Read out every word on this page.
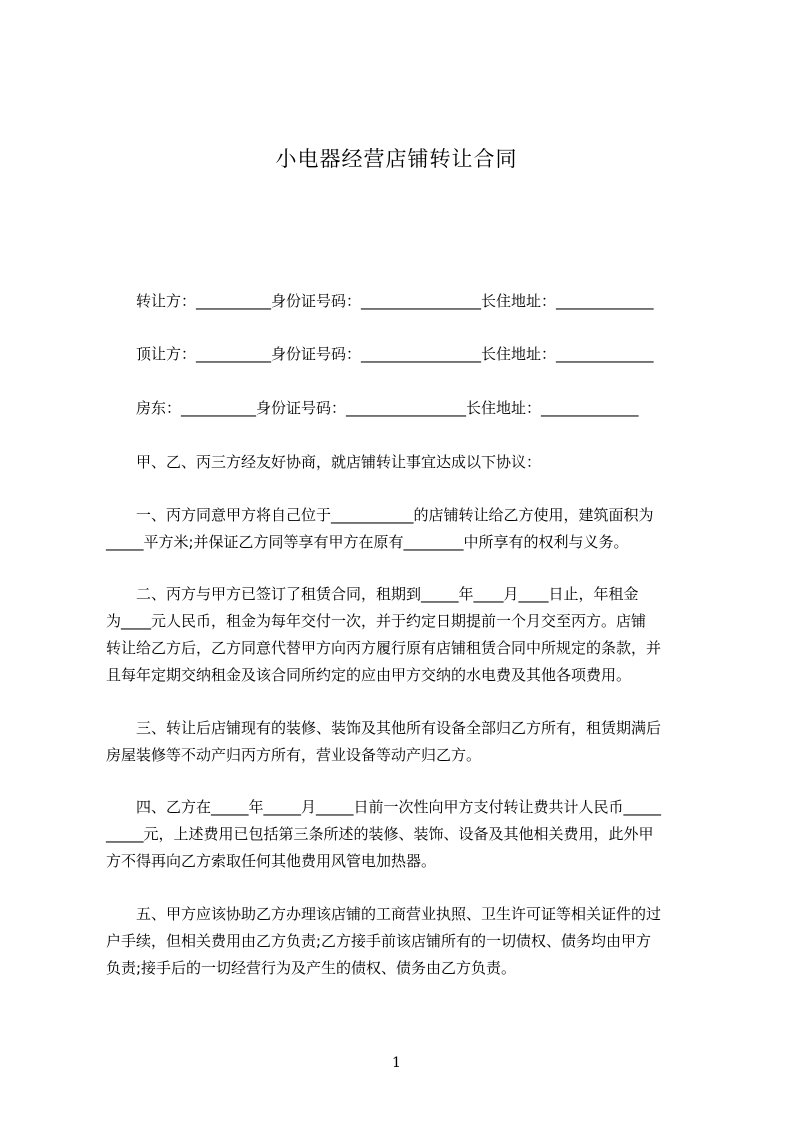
小电器经营店铺转让合同
转让方：__________身份证号码：________________长住地址：_____________
顶让方：__________身份证号码：________________长住地址：_____________
房东：__________身份证号码：________________长住地址：_____________
甲、乙、丙三方经友好协商，就店铺转让事宜达成以下协议：
一、丙方同意甲方将自己位于___________的店铺转让给乙方使用，建筑面积为
_____平方米;并保证乙方同等享有甲方在原有________中所享有的权利与义务。
二、丙方与甲方已签订了租赁合同，租期到_____年____月____日止，年租金
为____元人民币，租金为每年交付一次，并于约定日期提前一个月交至丙方。店铺
转让给乙方后，乙方同意代替甲方向丙方履行原有店铺租赁合同中所规定的条款，并
且每年定期交纳租金及该合同所约定的应由甲方交纳的水电费及其他各项费用。
三、转让后店铺现有的装修、装饰及其他所有设备全部归乙方所有，租赁期满后
房屋装修等不动产归丙方所有，营业设备等动产归乙方。
四、乙方在_____年_____月_____日前一次性向甲方支付转让费共计人民币_____
_____元，上述费用已包括第三条所述的装修、装饰、设备及其他相关费用，此外甲
方不得再向乙方索取任何其他费用风管电加热器。
五、甲方应该协助乙方办理该店铺的工商营业执照、卫生许可证等相关证件的过
户手续，但相关费用由乙方负责;乙方接手前该店铺所有的一切债权、债务均由甲方
负责;接手后的一切经营行为及产生的债权、债务由乙方负责。
1
